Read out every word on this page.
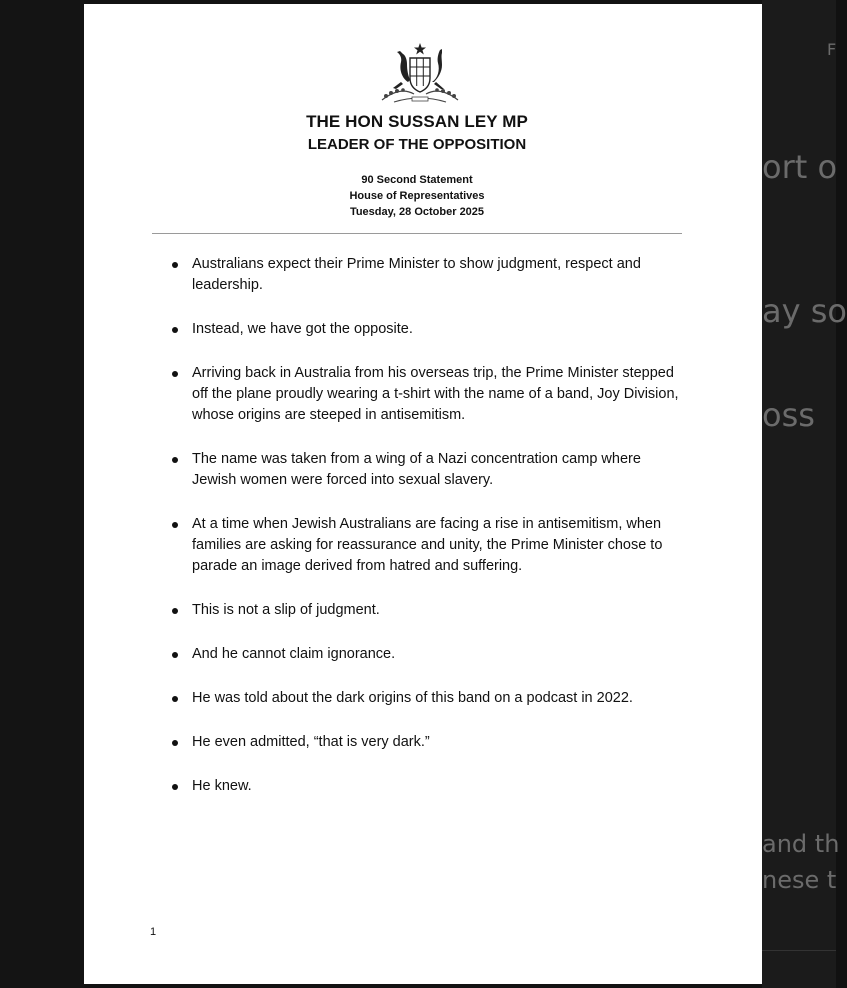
F
ort o
ay so
oss
and th
nese t
THE HON SUSSAN LEY MP
LEADER OF THE OPPOSITION
90 Second Statement
House of Representatives
Tuesday, 28 October 2025
Australians expect their Prime Minister to show judgment, respect and leadership.
Instead, we have got the opposite.
Arriving back in Australia from his overseas trip, the Prime Minister stepped off the plane proudly wearing a t-shirt with the name of a band, Joy Division, whose origins are steeped in antisemitism.
The name was taken from a wing of a Nazi concentration camp where Jewish women were forced into sexual slavery.
At a time when Jewish Australians are facing a rise in antisemitism, when families are asking for reassurance and unity, the Prime Minister chose to parade an image derived from hatred and suffering.
This is not a slip of judgment.
And he cannot claim ignorance.
He was told about the dark origins of this band on a podcast in 2022.
He even admitted, “that is very dark.”
He knew.
1
